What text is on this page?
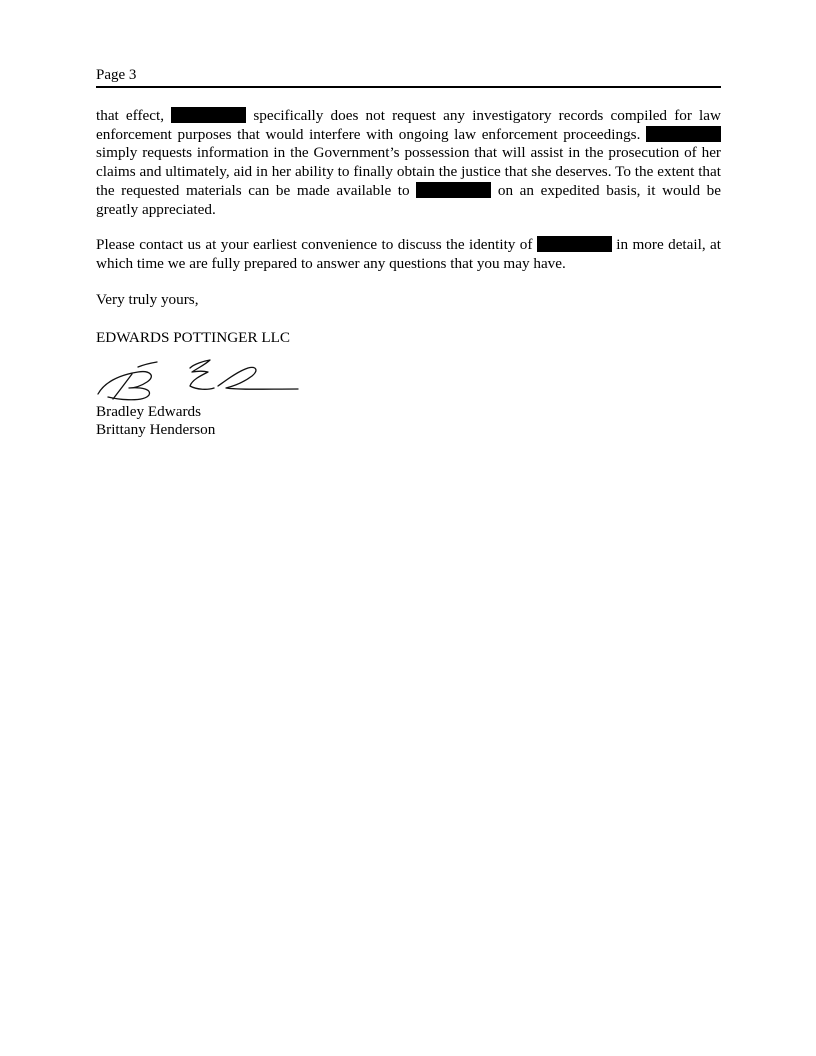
Page 3

that effect,	specifically does not request any investigatory records compiled for law enforcement purposes that would interfere with ongoing law enforcement proceedings.  simply requests information in the Government’s possession that will assist in the prosecution of her claims and ultimately, aid in her ability to finally obtain the justice that she deserves. To the extent that the requested materials can be made available to	on an expedited basis, it would be greatly appreciated.

Please contact us at your earliest convenience to discuss the identity of	in more detail, at which time we are fully prepared to answer any questions that you may have.

Very truly yours,
EDWARDS POTTINGER LLC
Bradley Edwards
Brittany Henderson
